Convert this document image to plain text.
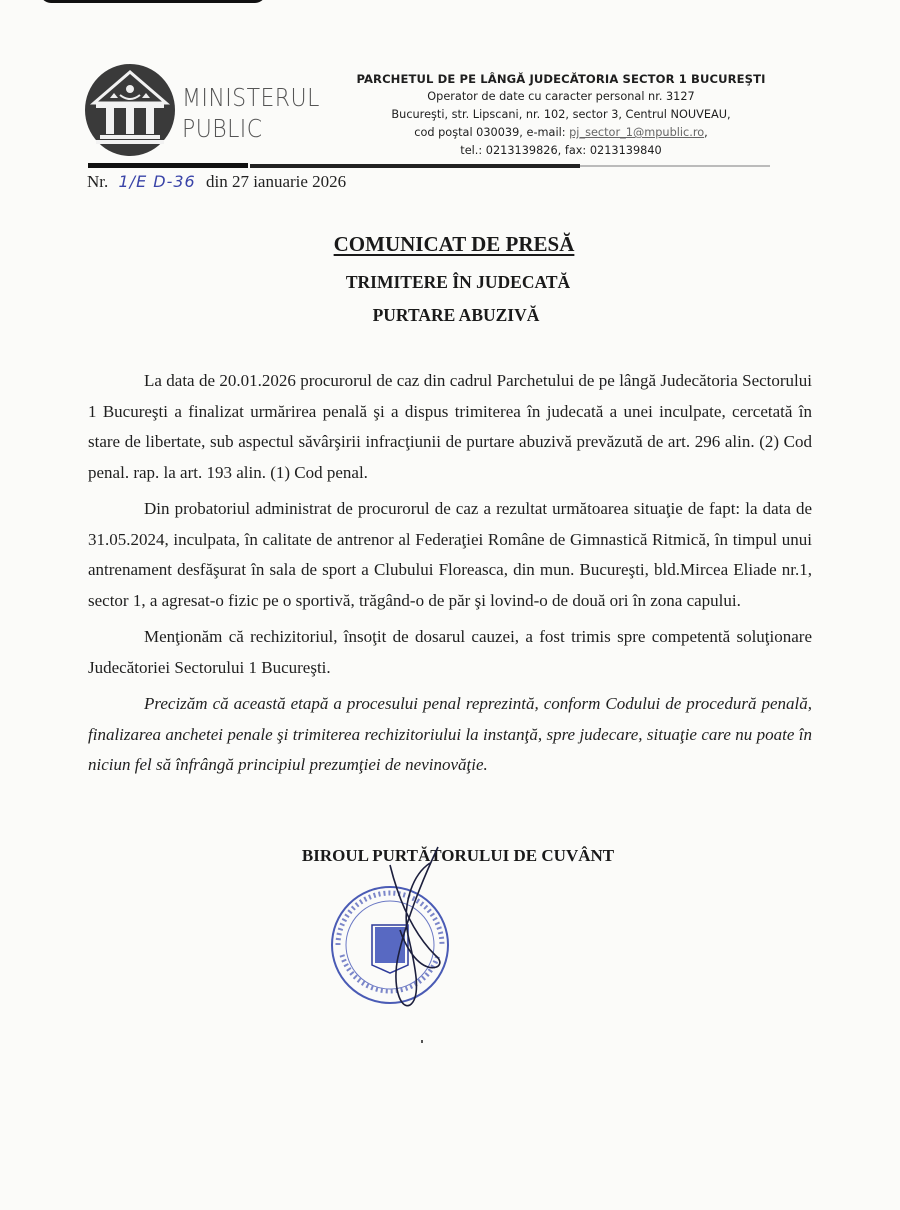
MINISTERUL
PUBLIC
PARCHETUL DE PE LÂNGĂ JUDECĂTORIA SECTOR 1 BUCUREŞTI
Operator de date cu caracter personal nr. 3127
Bucureşti, str. Lipscani, nr. 102, sector 3, Centrul NOUVEAU,
cod poştal 030039, e-mail: pj_sector_1@mpublic.ro,
tel.: 0213139826, fax: 0213139840
Nr. 1/E D-36 din 27 ianuarie 2026
COMUNICAT DE PRESĂ
TRIMITERE ÎN JUDECATĂ
PURTARE ABUZIVĂ

La data de 20.01.2026 procurorul de caz din cadrul Parchetului de pe lângă Judecătoria Sectorului 1 Bucureşti a finalizat urmărirea penală şi a dispus trimiterea în judecată a unei inculpate, cercetată în stare de libertate, sub aspectul săvârşirii infracţiunii de purtare abuzivă prevăzută de art. 296 alin. (2) Cod penal. rap. la art. 193 alin. (1) Cod penal.

Din probatoriul administrat de procurorul de caz a rezultat următoarea situaţie de fapt: la data de 31.05.2024, inculpata, în calitate de antrenor al Federaţiei Române de Gimnastică Ritmică, în timpul unui antrenament desfăşurat în sala de sport a Clubului Floreasca, din mun. Bucureşti, bld.Mircea Eliade nr.1, sector 1, a agresat-o fizic pe o sportivă, trăgând-o de păr şi lovind-o de două ori în zona capului.

Menţionăm că rechizitoriul, însoţit de dosarul cauzei, a fost trimis spre competentă soluţionare Judecătoriei Sectorului 1 Bucureşti.

Precizăm că această etapă a procesului penal reprezintă, conform Codului de procedură penală, finalizarea anchetei penale şi trimiterea rechizitoriului la instanţă, spre judecare, situaţie care nu poate în niciun fel să înfrângă principiul prezumţiei de nevinovăţie.

BIROUL PURTĂTORULUI DE CUVÂNT
